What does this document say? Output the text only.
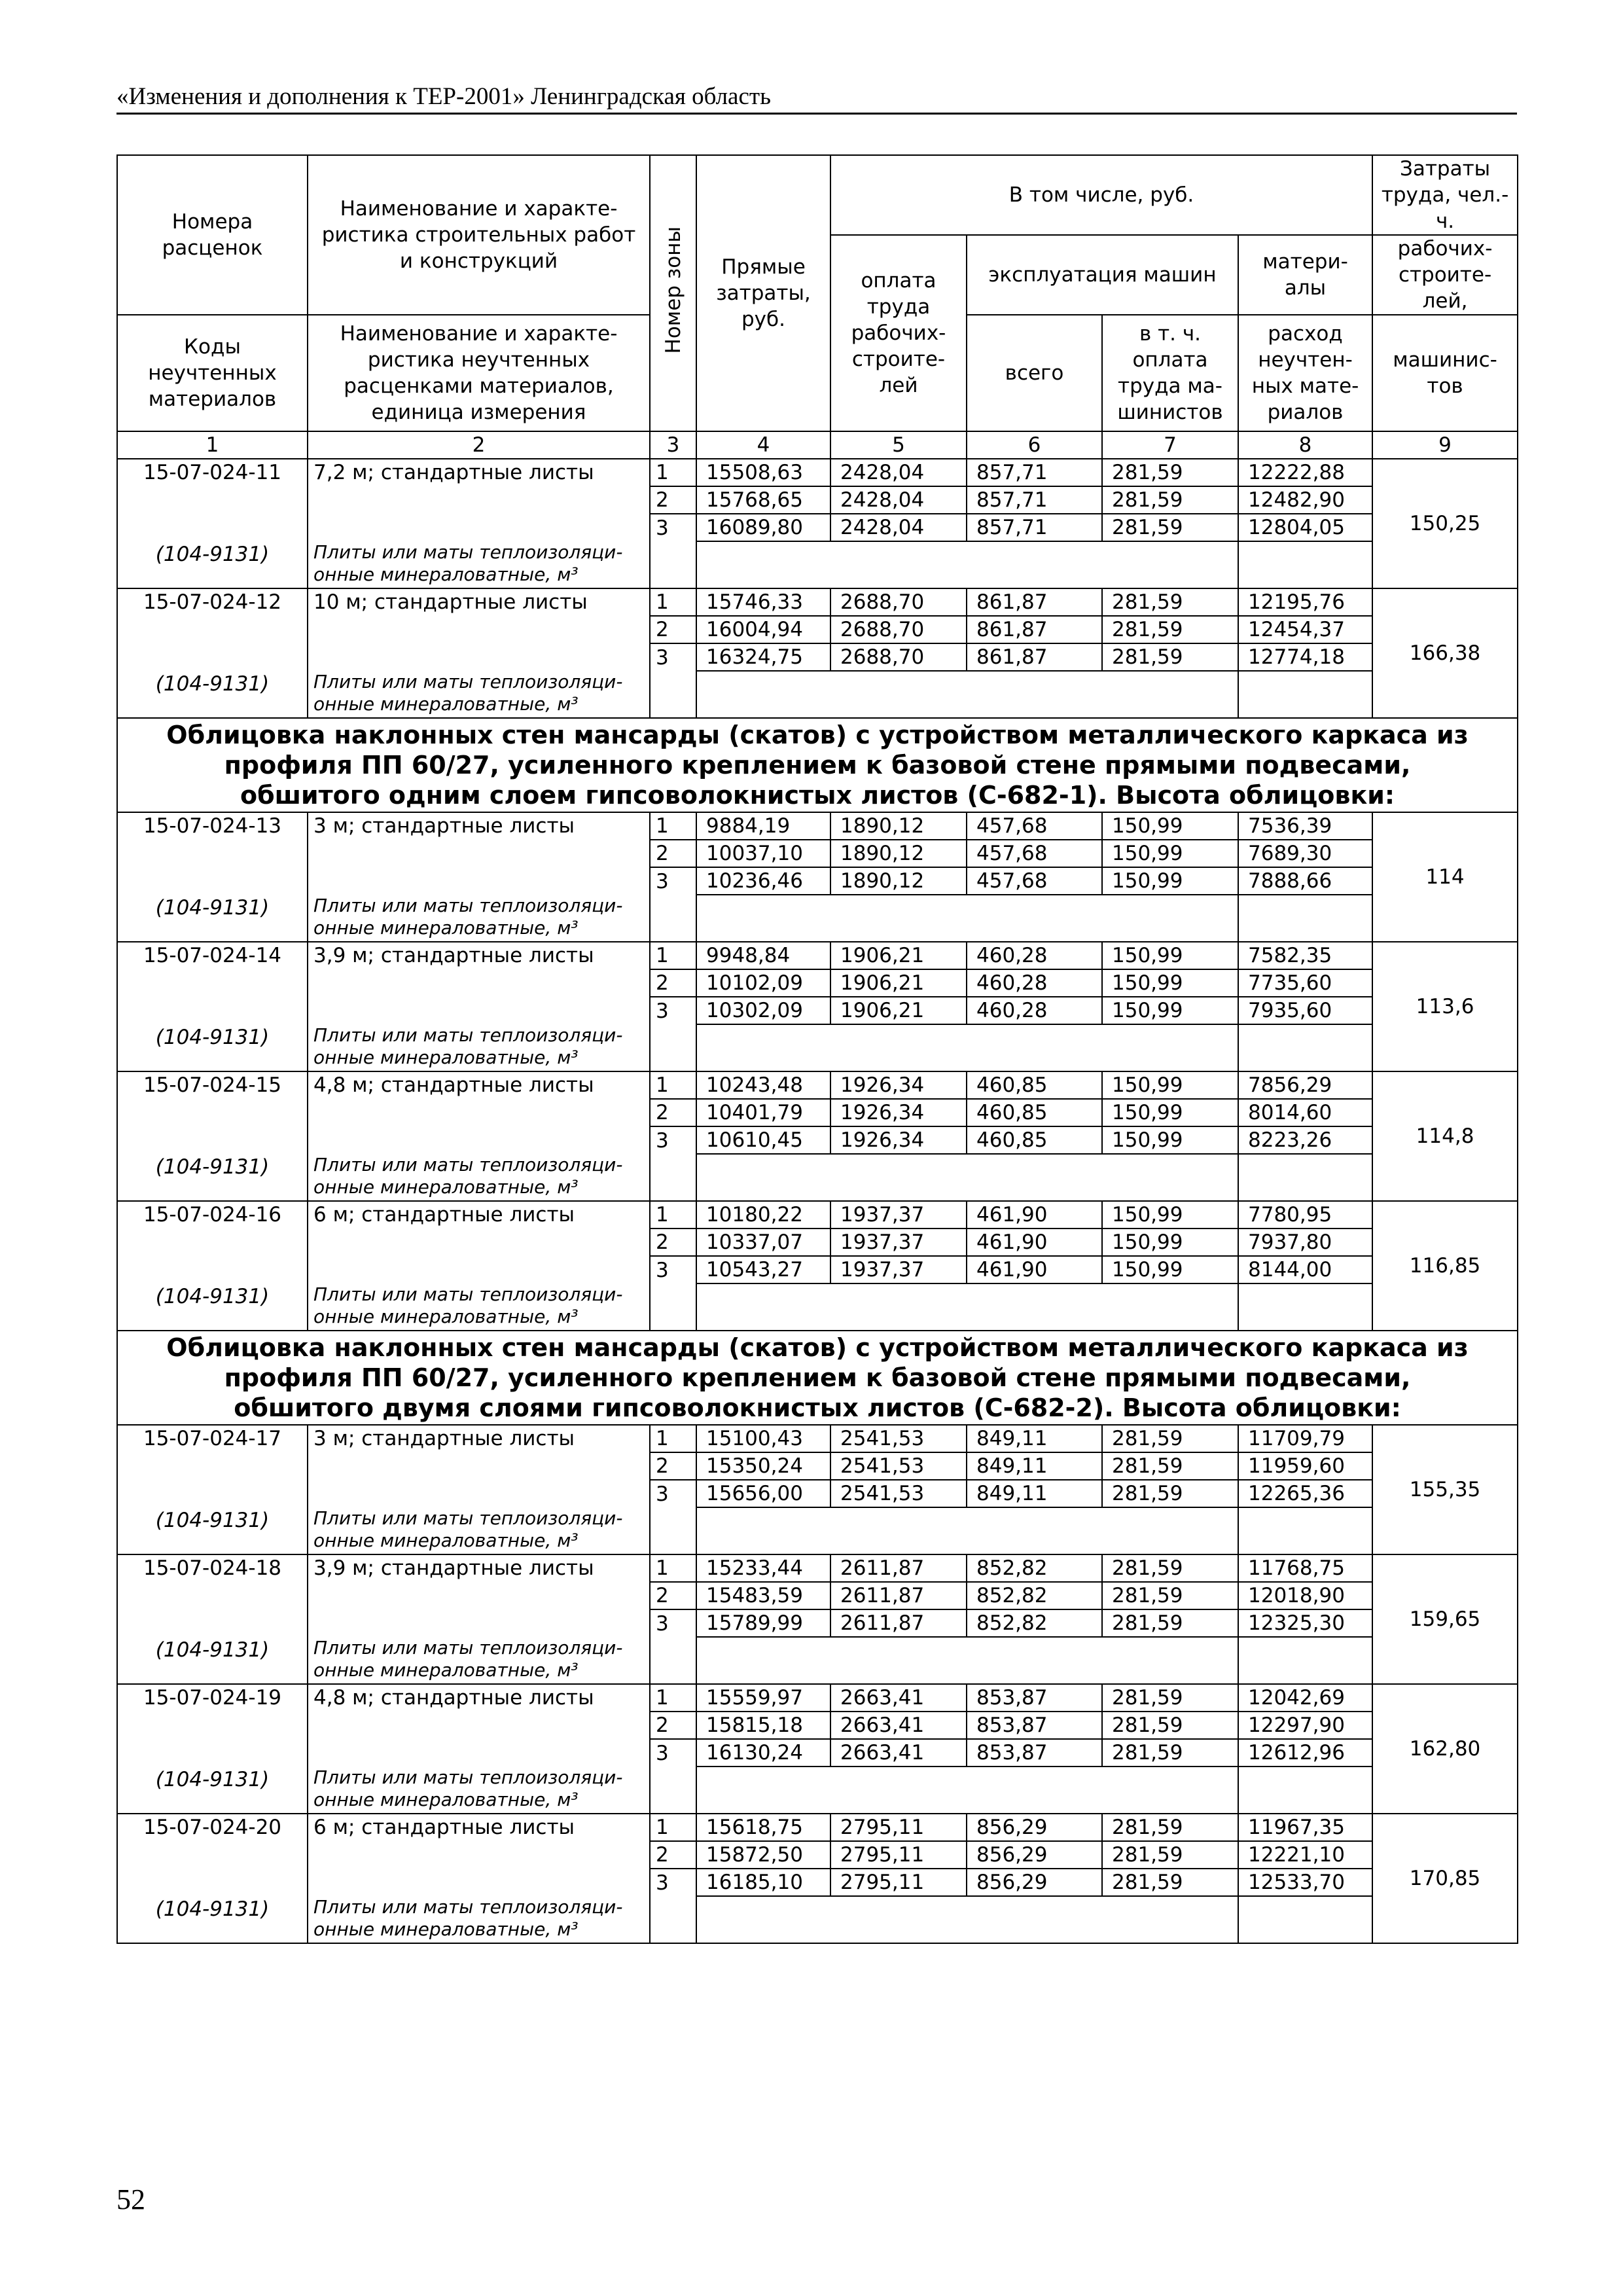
«Изменения и дополнения к ТЕР-2001» Ленинградская область
Номера расценок	Наименование и характе-ристика строительных работ и конструкций	Номер зоны	Прямые затраты, руб.	В том числе, руб.				Затраты труда, чел.-ч.	
				оплата труда рабочих-строите-лей	эксплуатация машин		матери-алы	рабочих-строите-лей,	
Коды неучтенных материалов	Наименование и характе-ристика неучтенных расценками материалов, единица измерения				всего	в т. ч. оплата труда ма-шинистов	расход неучтен-ных мате-риалов	машинис-тов	

1	2	3	4	5	6	7	8	9	
15-07-024-11	7,2 м; стандартные листы	1	15508,63	2428,04	857,71	281,59	12222,88	150,25	
		2	15768,65	2428,04	857,71	281,59	12482,90		
		3	16089,80	2428,04	857,71	281,59	12804,05		
(104-9131)	Плиты или маты теплоизоляци-онные минераловатные, м³				
15-07-024-12	10 м; стандартные листы	1	15746,33	2688,70	861,87	281,59	12195,76	166,38	
		2	16004,94	2688,70	861,87	281,59	12454,37		
		3	16324,75	2688,70	861,87	281,59	12774,18		
(104-9131)	Плиты или маты теплоизоляци-онные минераловатные, м³				

Облицовка наклонных стен мансарды (скатов) с устройством металлического каркаса из
профиля ПП 60/27, усиленного креплением к базовой стене прямыми подвесами,
обшитого одним слоем гипсоволокнистых листов (С-682-1). Высота облицовки:									

15-07-024-13	3 м; стандартные листы	1	9884,19	1890,12	457,68	150,99	7536,39	114	
		2	10037,10	1890,12	457,68	150,99	7689,30		
		3	10236,46	1890,12	457,68	150,99	7888,66		
(104-9131)	Плиты или маты теплоизоляци-онные минераловатные, м³				
15-07-024-14	3,9 м; стандартные листы	1	9948,84	1906,21	460,28	150,99	7582,35	113,6	
		2	10102,09	1906,21	460,28	150,99	7735,60		
		3	10302,09	1906,21	460,28	150,99	7935,60		
(104-9131)	Плиты или маты теплоизоляци-онные минераловатные, м³				
15-07-024-15	4,8 м; стандартные листы	1	10243,48	1926,34	460,85	150,99	7856,29	114,8	
		2	10401,79	1926,34	460,85	150,99	8014,60		
		3	10610,45	1926,34	460,85	150,99	8223,26		
(104-9131)	Плиты или маты теплоизоляци-онные минераловатные, м³				
15-07-024-16	6 м; стандартные листы	1	10180,22	1937,37	461,90	150,99	7780,95	116,85	
		2	10337,07	1937,37	461,90	150,99	7937,80		
		3	10543,27	1937,37	461,90	150,99	8144,00		
(104-9131)	Плиты или маты теплоизоляци-онные минераловатные, м³				

Облицовка наклонных стен мансарды (скатов) с устройством металлического каркаса из
профиля ПП 60/27, усиленного креплением к базовой стене прямыми подвесами,
обшитого двумя слоями гипсоволокнистых листов (С-682-2). Высота облицовки:									

15-07-024-17	3 м; стандартные листы	1	15100,43	2541,53	849,11	281,59	11709,79	155,35	
		2	15350,24	2541,53	849,11	281,59	11959,60		
		3	15656,00	2541,53	849,11	281,59	12265,36		
(104-9131)	Плиты или маты теплоизоляци-онные минераловатные, м³				
15-07-024-18	3,9 м; стандартные листы	1	15233,44	2611,87	852,82	281,59	11768,75	159,65	
		2	15483,59	2611,87	852,82	281,59	12018,90		
		3	15789,99	2611,87	852,82	281,59	12325,30		
(104-9131)	Плиты или маты теплоизоляци-онные минераловатные, м³				
15-07-024-19	4,8 м; стандартные листы	1	15559,97	2663,41	853,87	281,59	12042,69	162,80	
		2	15815,18	2663,41	853,87	281,59	12297,90		
		3	16130,24	2663,41	853,87	281,59	12612,96		
(104-9131)	Плиты или маты теплоизоляци-онные минераловатные, м³				
15-07-024-20	6 м; стандартные листы	1	15618,75	2795,11	856,29	281,59	11967,35	170,85	
		2	15872,50	2795,11	856,29	281,59	12221,10		
		3	16185,10	2795,11	856,29	281,59	12533,70		
(104-9131)	Плиты или маты теплоизоляци-онные минераловатные, м³				
52
